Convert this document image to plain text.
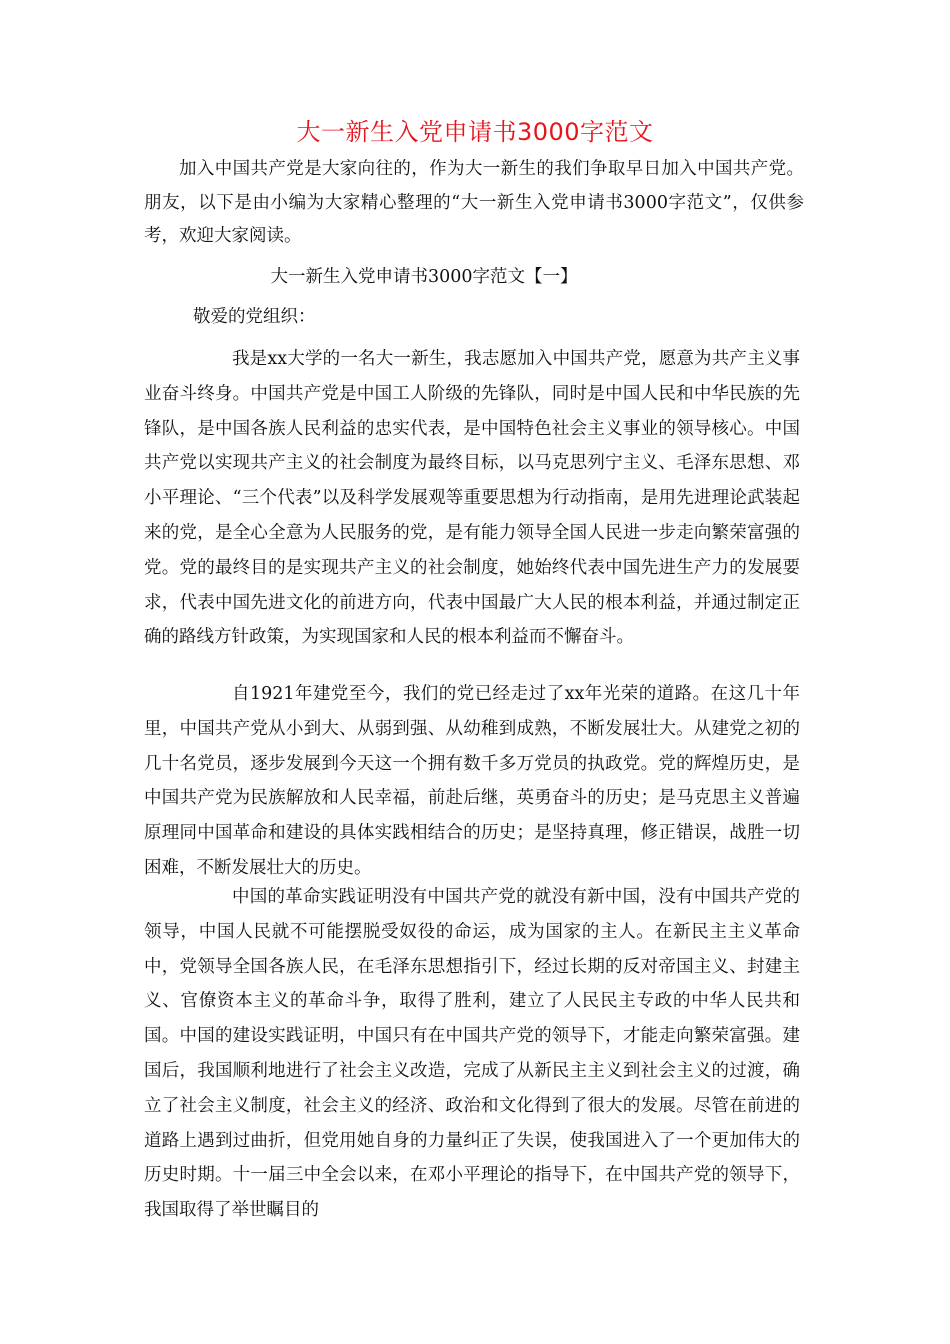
大一新生入党申请书3000字范文

加入中国共产党是大家向往的，作为大一新生的我们争取早日加入中国共产党。朋友，以下是由小编为大家精心整理的“大一新生入党申请书3000字范文”，仅供参考，欢迎大家阅读。

大一新生入党申请书3000字范文【一】

敬爱的党组织：

我是xx大学的一名大一新生，我志愿加入中国共产党，愿意为共产主义事业奋斗终身。中国共产党是中国工人阶级的先锋队，同时是中国人民和中华民族的先锋队，是中国各族人民利益的忠实代表，是中国特色社会主义事业的领导核心。中国共产党以实现共产主义的社会制度为最终目标，以马克思列宁主义、毛泽东思想、邓小平理论、“三个代表”以及科学发展观等重要思想为行动指南，是用先进理论武装起来的党，是全心全意为人民服务的党，是有能力领导全国人民进一步走向繁荣富强的党。党的最终目的是实现共产主义的社会制度，她始终代表中国先进生产力的发展要求，代表中国先进文化的前进方向，代表中国最广大人民的根本利益，并通过制定正确的路线方针政策，为实现国家和人民的根本利益而不懈奋斗。

自1921年建党至今，我们的党已经走过了xx年光荣的道路。在这几十年里，中国共产党从小到大、从弱到强、从幼稚到成熟，不断发展壮大。从建党之初的几十名党员，逐步发展到今天这一个拥有数千多万党员的执政党。党的辉煌历史，是中国共产党为民族解放和人民幸福，前赴后继，英勇奋斗的历史；是马克思主义普遍原理同中国革命和建设的具体实践相结合的历史；是坚持真理，修正错误，战胜一切困难，不断发展壮大的历史。

中国的革命实践证明没有中国共产党的就没有新中国，没有中国共产党的领导，中国人民就不可能摆脱受奴役的命运，成为国家的主人。在新民主主义革命中，党领导全国各族人民，在毛泽东思想指引下，经过长期的反对帝国主义、封建主义、官僚资本主义的革命斗争，取得了胜利，建立了人民民主专政的中华人民共和国。中国的建设实践证明，中国只有在中国共产党的领导下，才能走向繁荣富强。建国后，我国顺利地进行了社会主义改造，完成了从新民主主义到社会主义的过渡，确立了社会主义制度，社会主义的经济、政治和文化得到了很大的发展。尽管在前进的道路上遇到过曲折，但党用她自身的力量纠正了失误，使我国进入了一个更加伟大的历史时期。十一届三中全会以来，在邓小平理论的指导下，在中国共产党的领导下，我国取得了举世瞩目的
